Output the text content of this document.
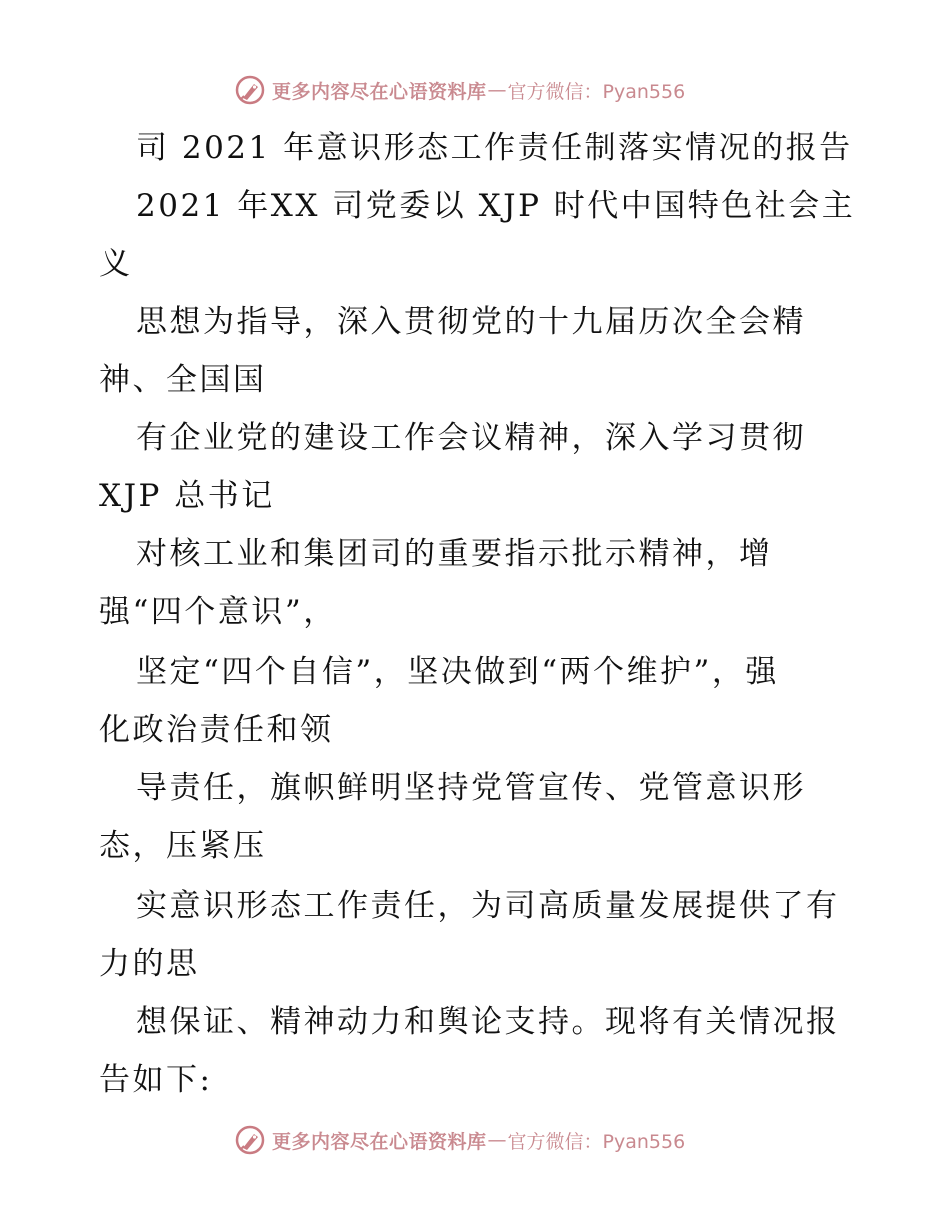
更多内容尽在心语资料库 — 官方微信：Pyan556
司 2021 年意识形态工作责任制落实情况的报告
2021 年XX 司党委以 XJP 时代中国特色社会主
义
思想为指导，深入贯彻党的十九届历次全会精
神、全国国
有企业党的建设工作会议精神，深入学习贯彻
XJP 总书记
对核工业和集团司的重要指示批示精神，增
强“四个意识”，
坚定“四个自信”，坚决做到“两个维护”，强
化政治责任和领
导责任，旗帜鲜明坚持党管宣传、党管意识形
态，压紧压
实意识形态工作责任，为司高质量发展提供了有
力的思
想保证、精神动力和舆论支持。现将有关情况报
告如下:
更多内容尽在心语资料库 — 官方微信：Pyan556
